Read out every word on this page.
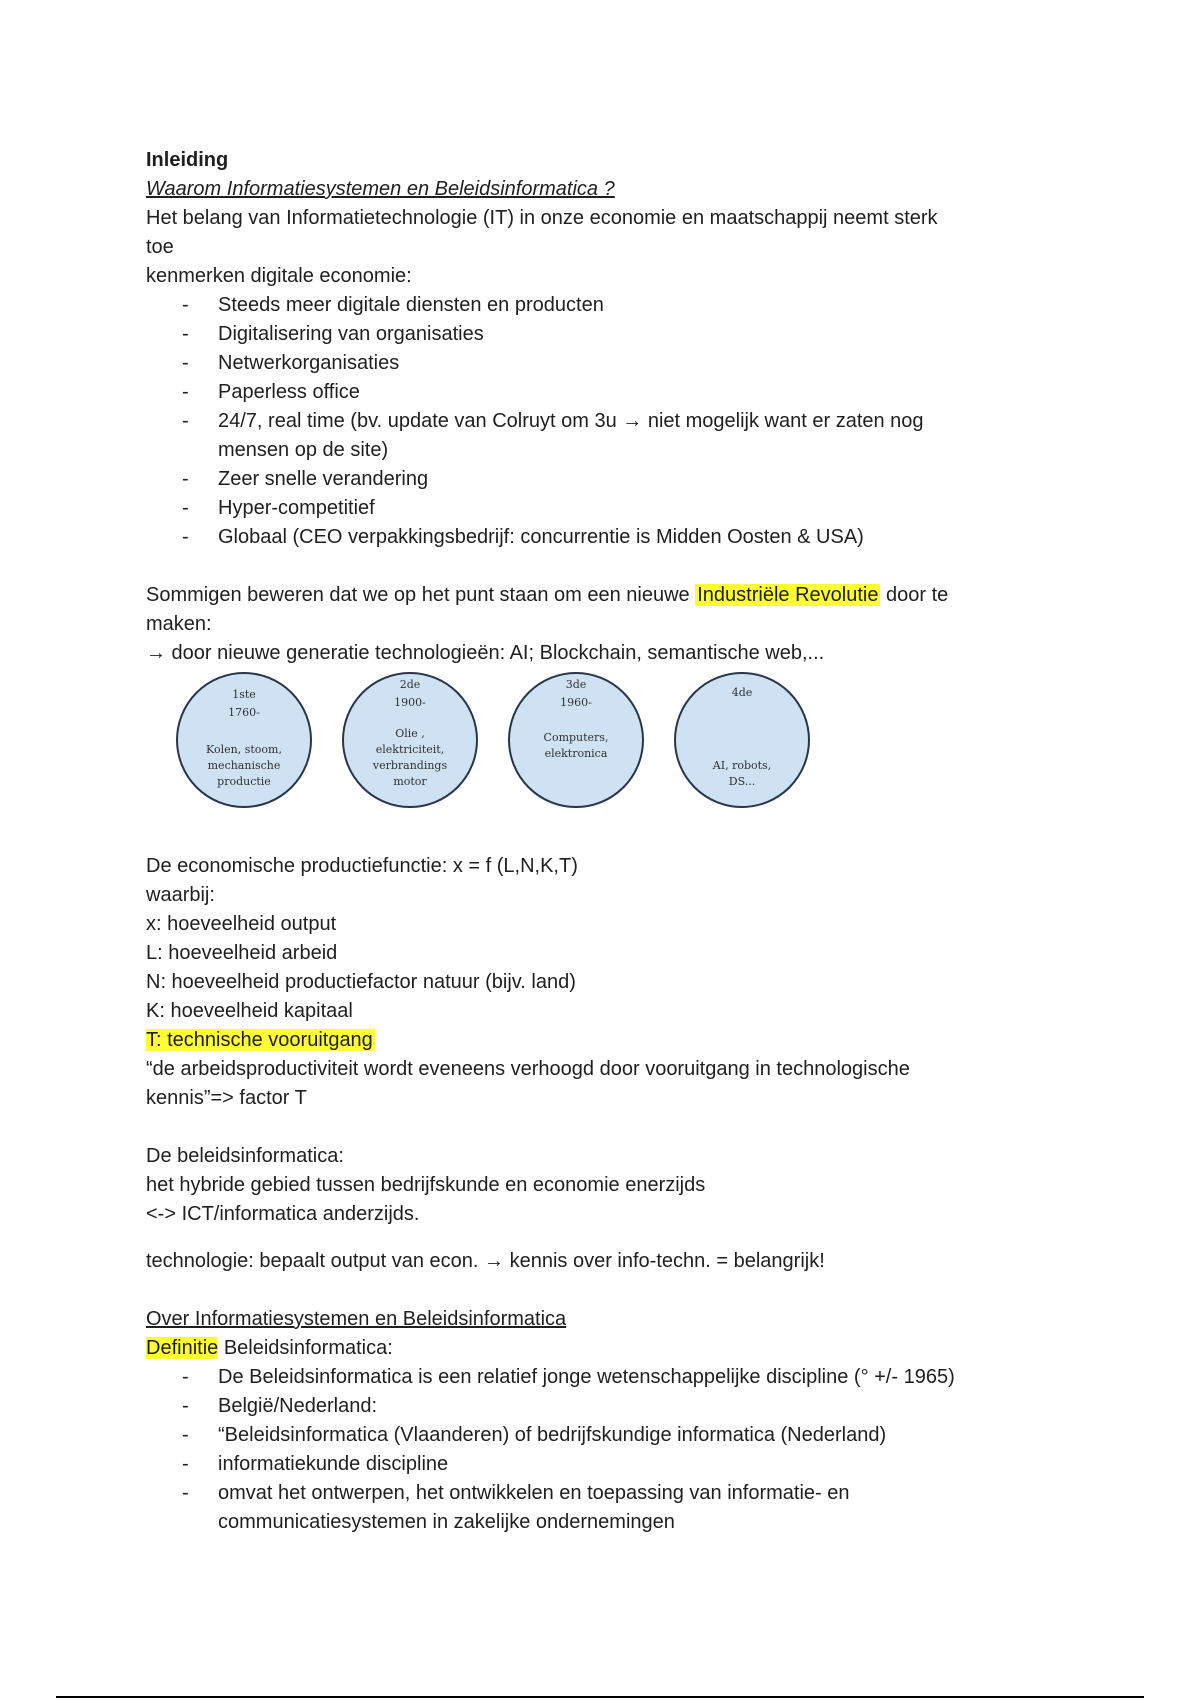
Inleiding

Waarom Informatiesystemen en Beleidsinformatica ?

Het belang van Informatietechnologie (IT) in onze economie en maatschappij neemt sterk

toe

kenmerken digitale economie:

- Steeds meer digitale diensten en producten
- Digitalisering van organisaties
- Netwerkorganisaties
- Paperless office
- 24/7, real time (bv. update van Colruyt om 3u → niet mogelijk want er zaten nog

mensen op de site)

- Zeer snelle verandering
- Hyper-competitief
- Globaal (CEO verpakkingsbedrijf: concurrentie is Midden Oosten & USA)

Sommigen beweren dat we op het punt staan om een nieuwe Industriële Revolutie door te

maken:

→ door nieuwe generatie technologieën: AI; Blockchain, semantische web,...

1ste
1760-
Kolen, stoom,
mechanische
productie
2de
1900-
Olie ,
elektriciteit,
verbrandings
motor
3de
1960-
Computers,
elektronica
4de
AI, robots,
DS...

De economische productiefunctie: x = f (L,N,K,T)

waarbij:

x: hoeveelheid output

L: hoeveelheid arbeid

N: hoeveelheid productiefactor natuur (bijv. land)

K: hoeveelheid kapitaal

T: technische vooruitgang

“de arbeidsproductiviteit wordt eveneens verhoogd door vooruitgang in technologische

kennis”=> factor T

De beleidsinformatica:

het hybride gebied tussen bedrijfskunde en economie enerzijds

<-> ICT/informatica anderzijds.

technologie: bepaalt output van econ. → kennis over info-techn. = belangrijk!

Over Informatiesystemen en Beleidsinformatica

Definitie Beleidsinformatica:

- De Beleidsinformatica is een relatief jonge wetenschappelijke discipline (° +/- 1965)
- België/Nederland:
- “Beleidsinformatica (Vlaanderen) of bedrijfskundige informatica (Nederland)
- informatiekunde discipline
- omvat het ontwerpen, het ontwikkelen en toepassing van informatie- en

communicatiesystemen in zakelijke ondernemingen
